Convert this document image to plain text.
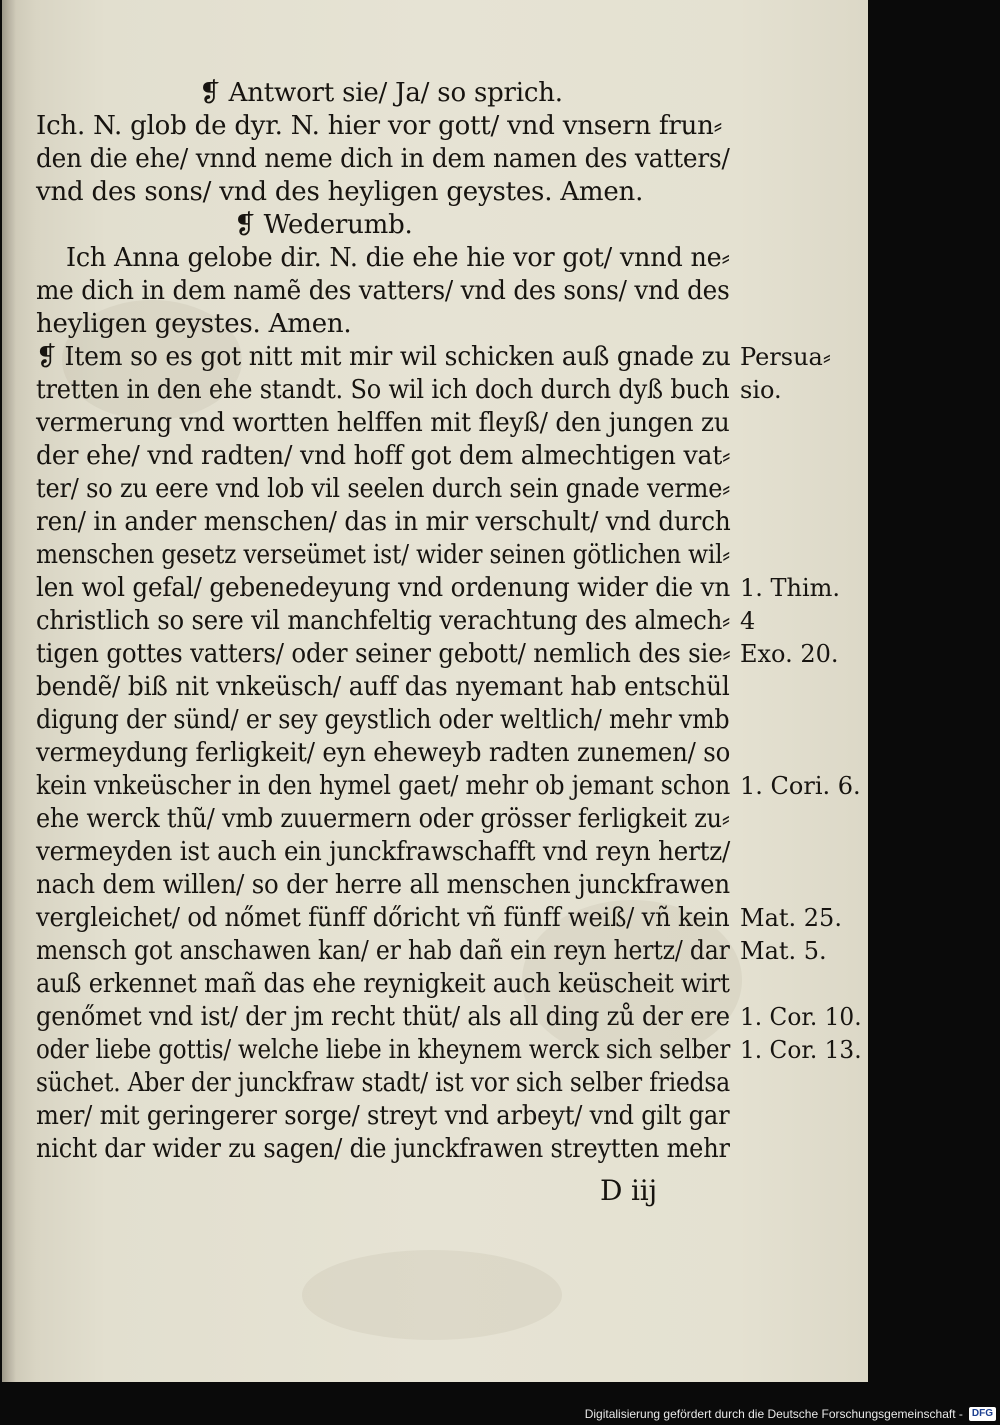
❡ Antwort sie/ Ja/ so sprich.
Ich. N. glob de dyr. N. hier vor gott/ vnd vnsern frun⸗
den die ehe/ vnnd neme dich in dem namen des vatters/
vnd des sons/ vnd des heyligen geystes. Amen.
❡ Wederumb.
Ich Anna gelobe dir. N. die ehe hie vor got/ vnnd ne⸗
me dich in dem namẽ des vatters/ vnd des sons/ vnd des
heyligen geystes. Amen.
❡ Item so es got nitt mit mir wil schicken auß gnade zu
tretten in den ehe standt. So wil ich doch durch dyß buch
vermerung vnd wortten helffen mit fleyß/ den jungen zu
der ehe/ vnd radten/ vnd hoff got dem almechtigen vat⸗
ter/ so zu eere vnd lob vil seelen durch sein gnade verme⸗
ren/ in ander menschen/ das in mir verschult/ vnd durch
menschen gesetz verseümet ist/ wider seinen götlichen wil⸗
len wol gefal/ gebenedeyung vnd ordenung wider die vn
christlich so sere vil manchfeltig verachtung des almech⸗
tigen gottes vatters/ oder seiner gebott/ nemlich des sie⸗
bendẽ/ biß nit vnkeüsch/ auff das nyemant hab entschül
digung der sünd/ er sey geystlich oder weltlich/ mehr vmb
vermeydung ferligkeit/ eyn eheweyb radten zunemen/ so
kein vnkeüscher in den hymel gaet/ mehr ob jemant schon
ehe werck thũ/ vmb zuuermern oder grösser ferligkeit zu⸗
vermeyden ist auch ein junckfrawschafft vnd reyn hertz/
nach dem willen/ so der herre all menschen junckfrawen
vergleichet/ od nőmet fünff dőricht vñ fünff weiß/ vñ kein
mensch got anschawen kan/ er hab dañ ein reyn hertz/ dar
auß erkennet mañ das ehe reynigkeit auch keüscheit wirt
genőmet vnd ist/ der jm recht thüt/ als all ding zů der ere
oder liebe gottis/ welche liebe in kheynem werck sich selber
süchet. Aber der junckfraw stadt/ ist vor sich selber friedsa
mer/ mit geringerer sorge/ streyt vnd arbeyt/ vnd gilt gar
nicht dar wider zu sagen/ die junckfrawen streytten mehr
Persua⸗
sio.
1. Thim.
4
Exo. 20.
1. Cori. 6.
Mat. 25.
Mat. 5.
1. Cor. 10.
1. Cor. 13.
D iij
Digitalisierung gefördert durch die Deutsche Forschungsgemeinschaft - DFG
